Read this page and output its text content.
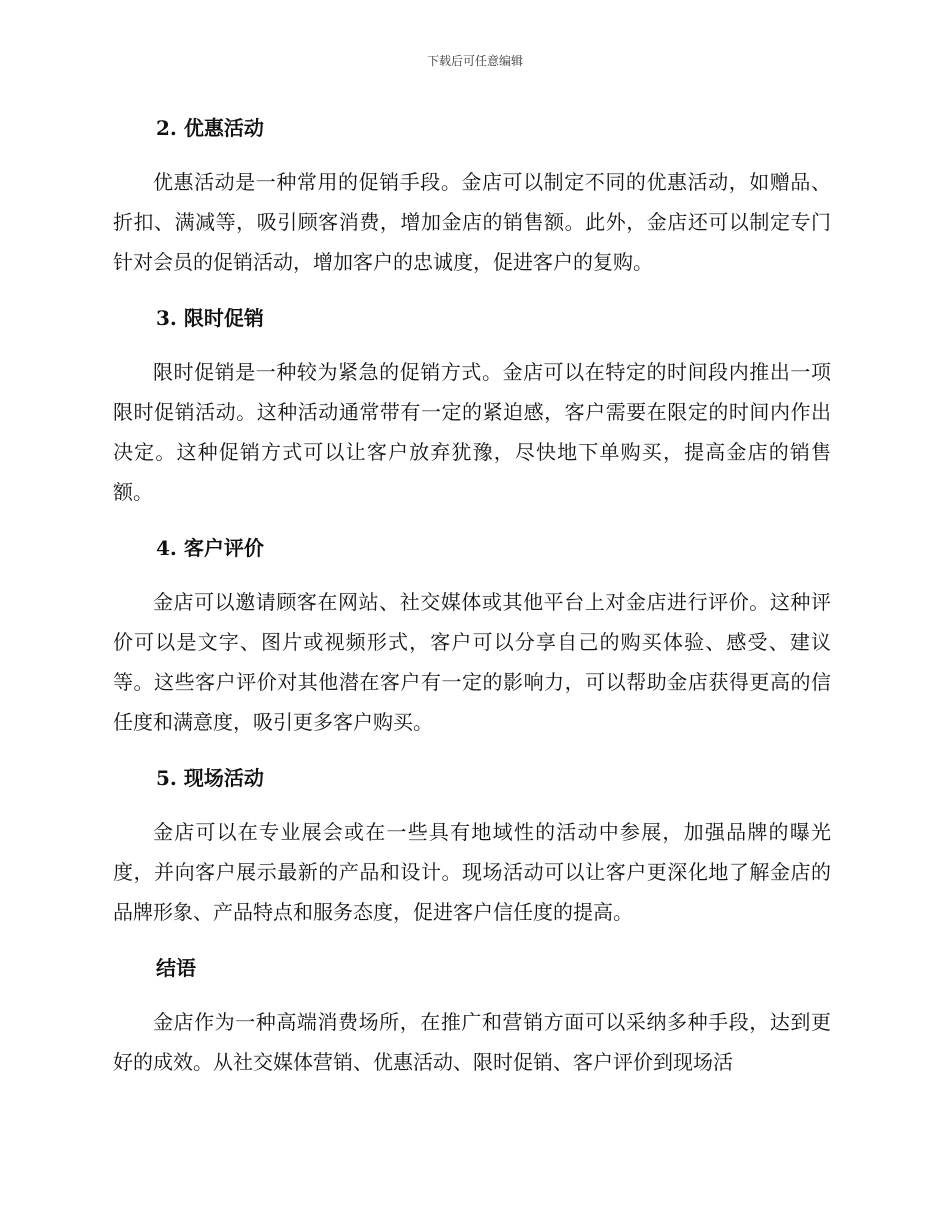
下载后可任意编辑
2. 优惠活动

优惠活动是一种常用的促销手段。金店可以制定不同的优惠活动，如赠品、折扣、满减等，吸引顾客消费，增加金店的销售额。此外，金店还可以制定专门针对会员的促销活动，增加客户的忠诚度，促进客户的复购。

3. 限时促销

限时促销是一种较为紧急的促销方式。金店可以在特定的时间段内推出一项限时促销活动。这种活动通常带有一定的紧迫感，客户需要在限定的时间内作出决定。这种促销方式可以让客户放弃犹豫，尽快地下单购买，提高金店的销售额。

4. 客户评价

金店可以邀请顾客在网站、社交媒体或其他平台上对金店进行评价。这种评价可以是文字、图片或视频形式，客户可以分享自己的购买体验、感受、建议等。这些客户评价对其他潜在客户有一定的影响力，可以帮助金店获得更高的信任度和满意度，吸引更多客户购买。

5. 现场活动

金店可以在专业展会或在一些具有地域性的活动中参展，加强品牌的曝光度，并向客户展示最新的产品和设计。现场活动可以让客户更深化地了解金店的品牌形象、产品特点和服务态度，促进客户信任度的提高。

结语

金店作为一种高端消费场所，在推广和营销方面可以采纳多种手段，达到更好的成效。从社交媒体营销、优惠活动、限时促销、客户评价到现场活
